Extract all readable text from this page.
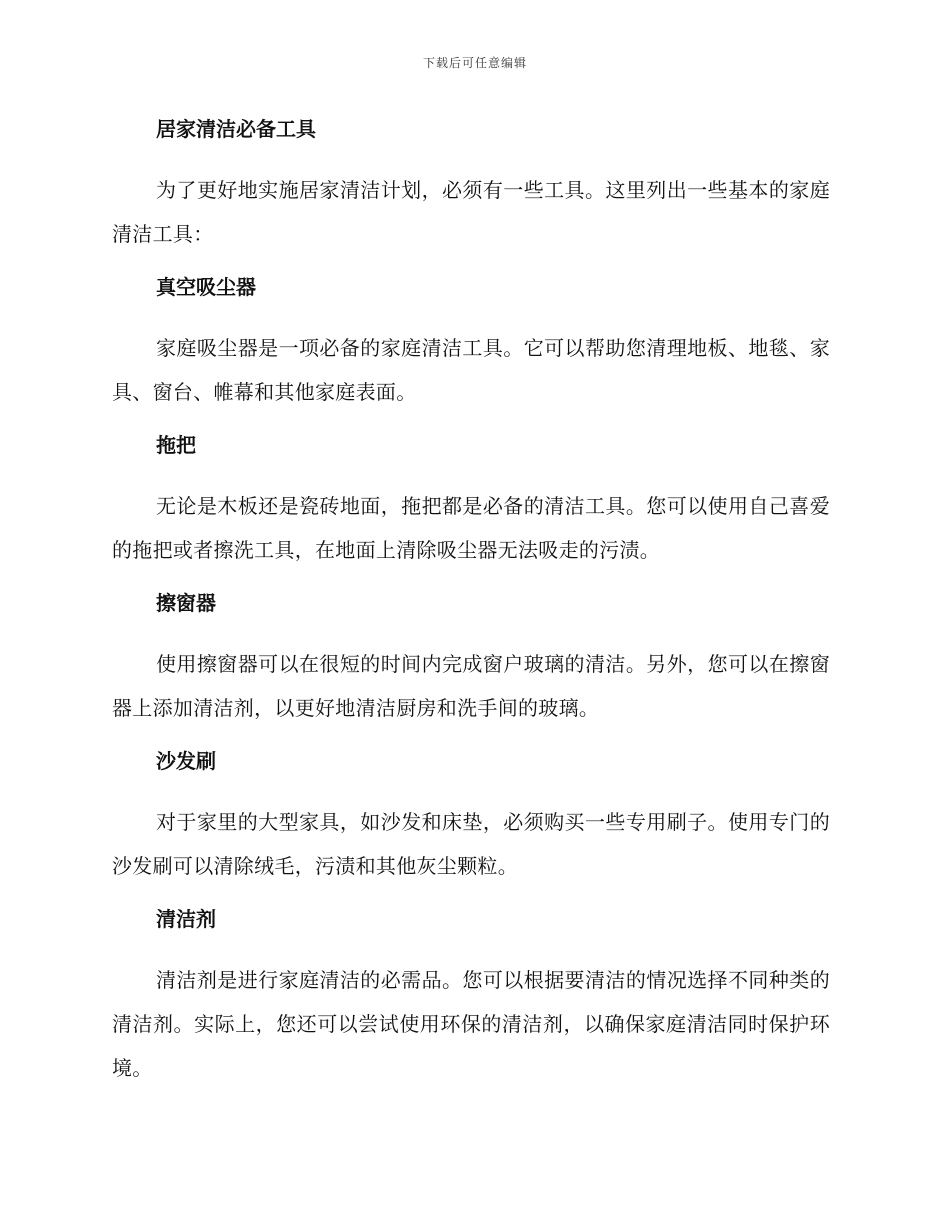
下载后可任意编辑
居家清洁必备工具

为了更好地实施居家清洁计划，必须有一些工具。这里列出一些基本的家庭清洁工具：

真空吸尘器

家庭吸尘器是一项必备的家庭清洁工具。它可以帮助您清理地板、地毯、家具、窗台、帷幕和其他家庭表面。

拖把

无论是木板还是瓷砖地面，拖把都是必备的清洁工具。您可以使用自己喜爱的拖把或者擦洗工具，在地面上清除吸尘器无法吸走的污渍。

擦窗器

使用擦窗器可以在很短的时间内完成窗户玻璃的清洁。另外，您可以在擦窗器上添加清洁剂，以更好地清洁厨房和洗手间的玻璃。

沙发刷

对于家里的大型家具，如沙发和床垫，必须购买一些专用刷子。使用专门的沙发刷可以清除绒毛，污渍和其他灰尘颗粒。

清洁剂

清洁剂是进行家庭清洁的必需品。您可以根据要清洁的情况选择不同种类的清洁剂。实际上，您还可以尝试使用环保的清洁剂，以确保家庭清洁同时保护环境。
